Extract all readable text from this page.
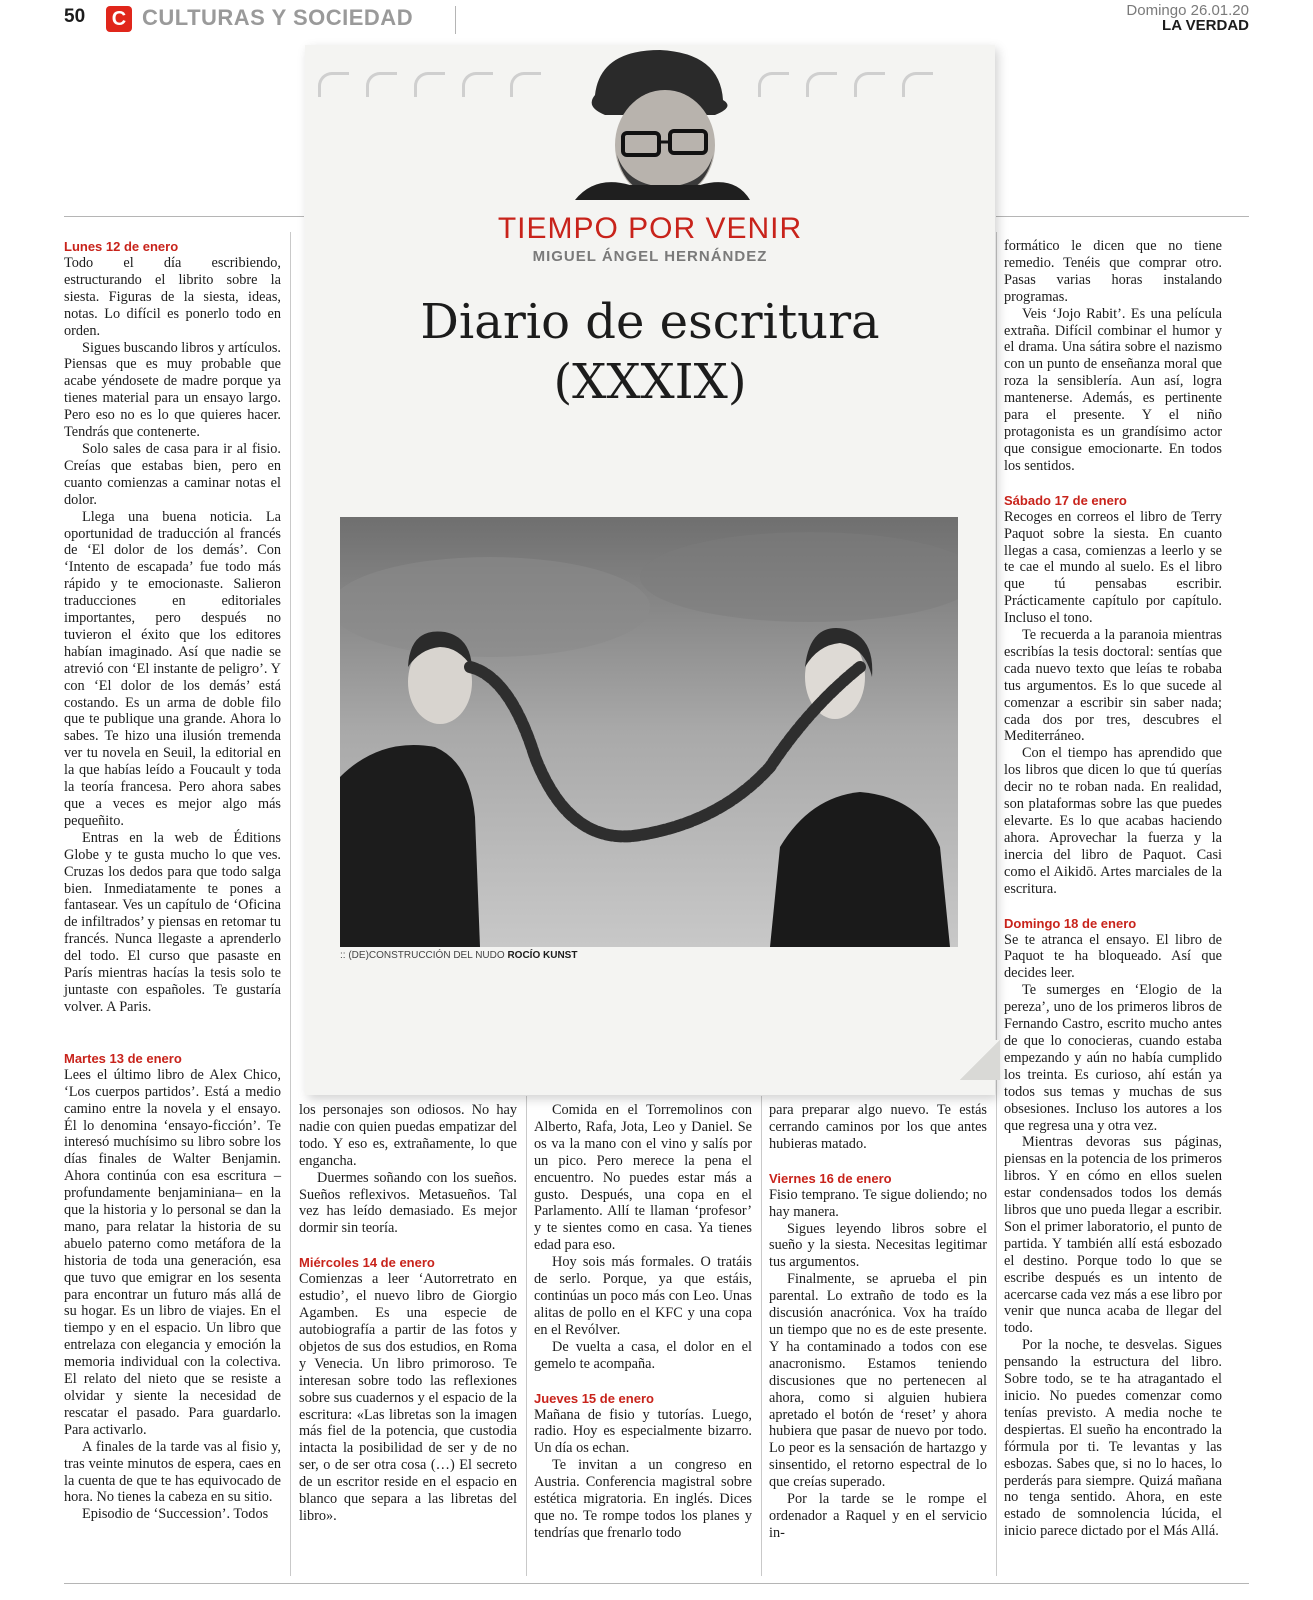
50 C CULTURAS Y SOCIEDAD	Domingo 26.01.20
LA VERDAD
TIEMPO POR VENIR
MIGUEL ÁNGEL HERNÁNDEZ
Diario de escritura
(XXXIX)
:: (DE)CONSTRUCCIÓN DEL NUDO ROCÍO KUNST
Lunes 12 de enero

Todo el día escribiendo, estructurando el librito sobre la siesta. Figuras de la siesta, ideas, notas. Lo difícil es ponerlo todo en orden.

Sigues buscando libros y artículos. Piensas que es muy probable que acabe yéndosete de madre porque ya tienes material para un ensayo largo. Pero eso no es lo que quieres hacer. Tendrás que contenerte.

Solo sales de casa para ir al fisio. Creías que estabas bien, pero en cuanto comienzas a caminar notas el dolor.

Llega una buena noticia. La oportunidad de traducción al francés de ‘El dolor de los demás’. Con ‘Intento de escapada’ fue todo más rápido y te emocionaste. Salieron traducciones en editoriales importantes, pero después no tuvieron el éxito que los editores habían imaginado. Así que nadie se atrevió con ‘El instante de peligro’. Y con ‘El dolor de los demás’ está costando. Es un arma de doble filo que te publique una grande. Ahora lo sabes. Te hizo una ilusión tremenda ver tu novela en Seuil, la editorial en la que habías leído a Foucault y toda la teoría francesa. Pero ahora sabes que a veces es mejor algo más pequeñito.

Entras en la web de Éditions Globe y te gusta mucho lo que ves. Cruzas los dedos para que todo salga bien. Inmediatamente te pones a fantasear. Ves un capítulo de ‘Oficina de infiltrados’ y piensas en retomar tu francés. Nunca llegaste a aprenderlo del todo. El curso que pasaste en París mientras hacías la tesis solo te juntaste con españoles. Te gustaría volver. A Paris.

Martes 13 de enero

Lees el último libro de Alex Chico, ‘Los cuerpos partidos’. Está a medio camino entre la novela y el ensayo. Él lo denomina ‘ensayo-ficción’. Te interesó muchísimo su libro sobre los días finales de Walter Benjamin. Ahora continúa con esa escritura –profundamente benjaminiana– en la que la historia y lo personal se dan la mano, para relatar la historia de su abuelo paterno como metáfora de la historia de toda una generación, esa que tuvo que emigrar en los sesenta para encontrar un futuro más allá de su hogar. Es un libro de viajes. En el tiempo y en el espacio. Un libro que entrelaza con elegancia y emoción la memoria individual con la colectiva. El relato del nieto que se resiste a olvidar y siente la necesidad de rescatar el pasado. Para guardarlo. Para activarlo.

A finales de la tarde vas al fisio y, tras veinte minutos de espera, caes en la cuenta de que te has equivocado de hora. No tienes la cabeza en su sitio.

Episodio de ‘Succession’. Todos

los personajes son odiosos. No hay nadie con quien puedas empatizar del todo. Y eso es, extrañamente, lo que engancha.

Duermes soñando con los sueños. Sueños reflexivos. Metasueños. Tal vez has leído demasiado. Es mejor dormir sin teoría.

Miércoles 14 de enero

Comienzas a leer ‘Autorretrato en estudio’, el nuevo libro de Giorgio Agamben. Es una especie de autobiografía a partir de las fotos y objetos de sus dos estudios, en Roma y Venecia. Un libro primoroso. Te interesan sobre todo las reflexiones sobre sus cuadernos y el espacio de la escritura: «Las libretas son la imagen más fiel de la potencia, que custodia intacta la posibilidad de ser y de no ser, o de ser otra cosa (…) El secreto de un escritor reside en el espacio en blanco que separa a las libretas del libro».

Comida en el Torremolinos con Alberto, Rafa, Jota, Leo y Daniel. Se os va la mano con el vino y salís por un pico. Pero merece la pena el encuentro. No puedes estar más a gusto. Después, una copa en el Parlamento. Allí te llaman ‘profesor’ y te sientes como en casa. Ya tienes edad para eso.

Hoy sois más formales. O tratáis de serlo. Porque, ya que estáis, continúas un poco más con Leo. Unas alitas de pollo en el KFC y una copa en el Revólver.

De vuelta a casa, el dolor en el gemelo te acompaña.

Jueves 15 de enero

Mañana de fisio y tutorías. Luego, radio. Hoy es especialmente bizarro. Un día os echan.

Te invitan a un congreso en Austria. Conferencia magistral sobre estética migratoria. En inglés. Dices que no. Te rompe todos los planes y tendrías que frenarlo todo

para preparar algo nuevo. Te estás cerrando caminos por los que antes hubieras matado.

Viernes 16 de enero

Fisio temprano. Te sigue doliendo; no hay manera.

Sigues leyendo libros sobre el sueño y la siesta. Necesitas legitimar tus argumentos.

Finalmente, se aprueba el pin parental. Lo extraño de todo es la discusión anacrónica. Vox ha traído un tiempo que no es de este presente. Y ha contaminado a todos con ese anacronismo. Estamos teniendo discusiones que no pertenecen al ahora, como si alguien hubiera apretado el botón de ‘reset’ y ahora hubiera que pasar de nuevo por todo. Lo peor es la sensación de hartazgo y sinsentido, el retorno espectral de lo que creías superado.

Por la tarde se le rompe el ordenador a Raquel y en el servicio in-

formático le dicen que no tiene remedio. Tenéis que comprar otro. Pasas varias horas instalando programas.

Veis ‘Jojo Rabit’. Es una película extraña. Difícil combinar el humor y el drama. Una sátira sobre el nazismo con un punto de enseñanza moral que roza la sensiblería. Aun así, logra mantenerse. Además, es pertinente para el presente. Y el niño protagonista es un grandísimo actor que consigue emocionarte. En todos los sentidos.

Sábado 17 de enero

Recoges en correos el libro de Terry Paquot sobre la siesta. En cuanto llegas a casa, comienzas a leerlo y se te cae el mundo al suelo. Es el libro que tú pensabas escribir. Prácticamente capítulo por capítulo. Incluso el tono.

Te recuerda a la paranoia mientras escribías la tesis doctoral: sentías que cada nuevo texto que leías te robaba tus argumentos. Es lo que sucede al comenzar a escribir sin saber nada; cada dos por tres, descubres el Mediterráneo.

Con el tiempo has aprendido que los libros que dicen lo que tú querías decir no te roban nada. En realidad, son plataformas sobre las que puedes elevarte. Es lo que acabas haciendo ahora. Aprovechar la fuerza y la inercia del libro de Paquot. Casi como el Aikidō. Artes marciales de la escritura.

Domingo 18 de enero

Se te atranca el ensayo. El libro de Paquot te ha bloqueado. Así que decides leer.

Te sumerges en ‘Elogio de la pereza’, uno de los primeros libros de Fernando Castro, escrito mucho antes de que lo conocieras, cuando estaba empezando y aún no había cumplido los treinta. Es curioso, ahí están ya todos sus temas y muchas de sus obsesiones. Incluso los autores a los que regresa una y otra vez.

Mientras devoras sus páginas, piensas en la potencia de los primeros libros. Y en cómo en ellos suelen estar condensados todos los demás libros que uno pueda llegar a escribir. Son el primer laboratorio, el punto de partida. Y también allí está esbozado el destino. Porque todo lo que se escribe después es un intento de acercarse cada vez más a ese libro por venir que nunca acaba de llegar del todo.

Por la noche, te desvelas. Sigues pensando la estructura del libro. Sobre todo, se te ha atragantado el inicio. No puedes comenzar como tenías previsto. A media noche te despiertas. El sueño ha encontrado la fórmula por ti. Te levantas y las esbozas. Sabes que, si no lo haces, lo perderás para siempre. Quizá mañana no tenga sentido. Ahora, en este estado de somnolencia lúcida, el inicio parece dictado por el Más Allá.
